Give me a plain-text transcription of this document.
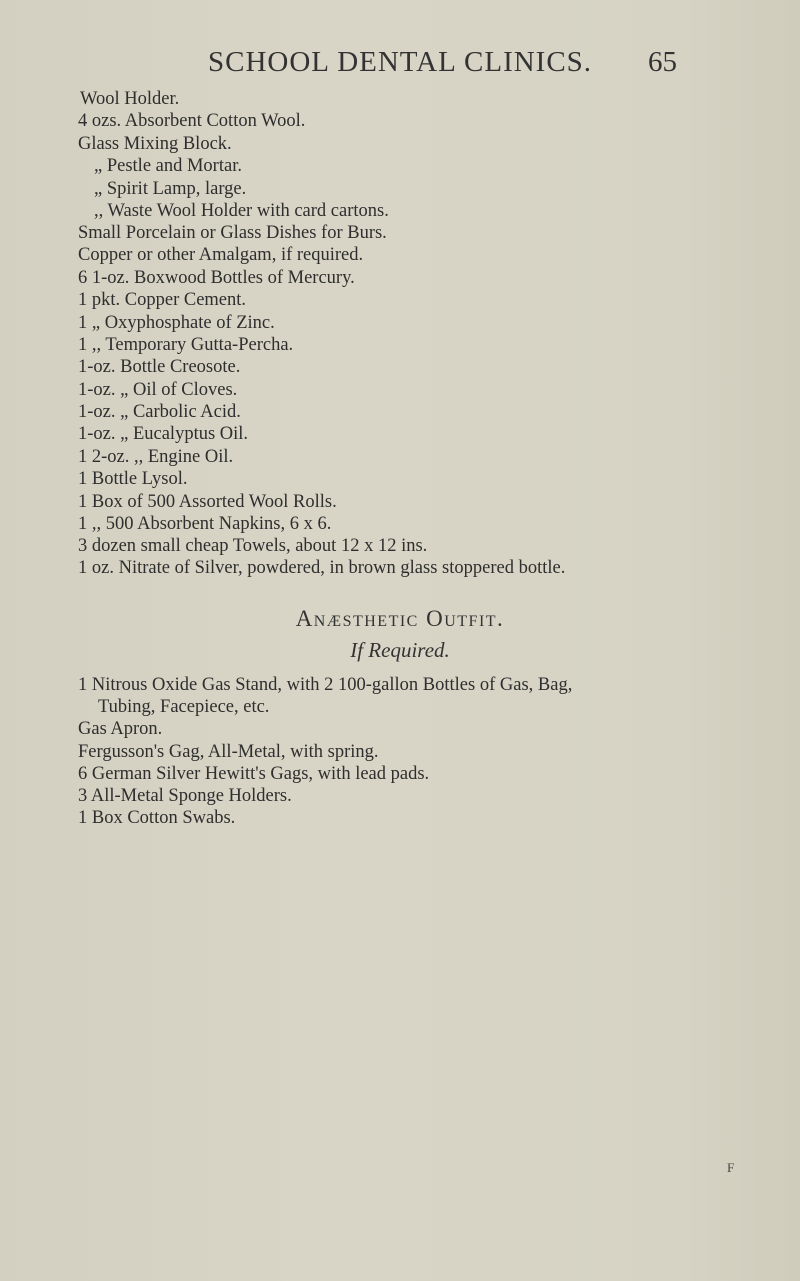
SCHOOL DENTAL CLINICS. 65
Wool Holder.
4 ozs. Absorbent Cotton Wool.
Glass Mixing Block.
„ Pestle and Mortar.
„ Spirit Lamp, large.
,, Waste Wool Holder with card cartons.
Small Porcelain or Glass Dishes for Burs.
Copper or other Amalgam, if required.
6 1-oz. Boxwood Bottles of Mercury.
1 pkt. Copper Cement.
1 „ Oxyphosphate of Zinc.
1 ,, Temporary Gutta-Percha.
1-oz. Bottle Creosote.
1-oz. „ Oil of Cloves.
1-oz. „ Carbolic Acid.
1-oz. „ Eucalyptus Oil.
1 2-oz. ,, Engine Oil.
1 Bottle Lysol.
1 Box of 500 Assorted Wool Rolls.
1 ,, 500 Absorbent Napkins, 6 x 6.
3 dozen small cheap Towels, about 12 x 12 ins.
1 oz. Nitrate of Silver, powdered, in brown glass stoppered bottle.
Anæsthetic Outfit.
If Required.
1 Nitrous Oxide Gas Stand, with 2 100-gallon Bottles of Gas, Bag,
Tubing, Facepiece, etc.
Gas Apron.
Fergusson's Gag, All-Metal, with spring.
6 German Silver Hewitt's Gags, with lead pads.
3 All-Metal Sponge Holders.
1 Box Cotton Swabs.
F
